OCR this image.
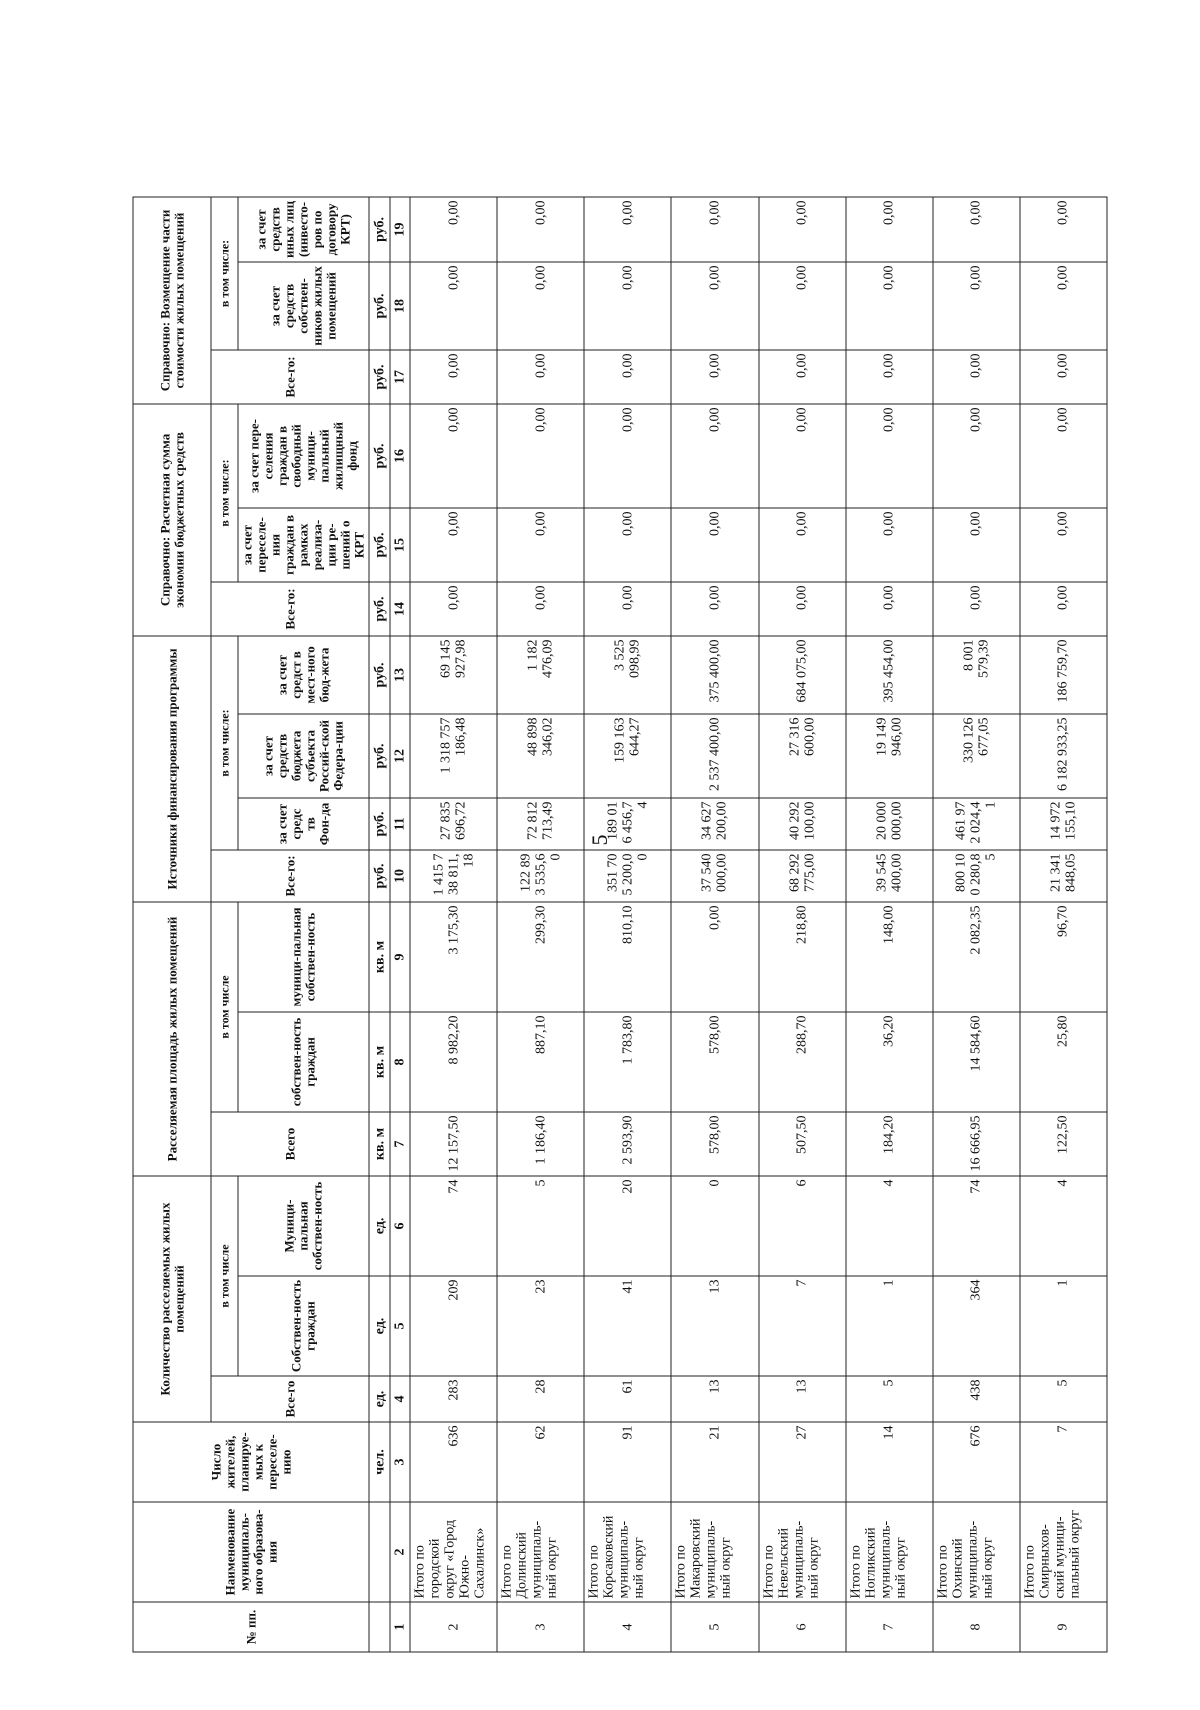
5
№ пп.	Наименование муниципаль-ного образова-ния	Число жителей, планируе-мых к переселе-нию	Количество расселяемых жилых помещений			Расселяемая площадь жилых помещений			Источники финансирования программы				Справочно: Расчетная сумма экономии бюджетных средств			Справочно: Возмещение части стоимости жилых помещений		
			Все-го	в том числе		Всего	в том числе		Все-го:	в том числе:			Все-го:	в том числе:		Все-го:	в том числе:	
				Собствен-ность граждан	Муници-пальная собствен-ность		собствен-ность граждан	муници-пальная собствен-ность		за счет средс тв Фон-да	за счет средств бюджета субъекта Россий-ской Федера-ции	за счет средст в мест-ного бюд-жета		за счет переселе-ния граждан в рамках реализа-ции ре-шений о КРТ	за счет пере-селения граждан в свободный муници-пальный жилищный фонд		за счет средств собствен-ников жилых помещений	за счет средств иных лиц (инвесто-ров по договору КРТ)
		чел.	ед.	ед.	ед.	кв. м	кв. м	кв. м	руб.	руб.	руб.	руб.	руб.	руб.	руб.	руб.	руб.	руб.
1	2	3	4	5	6	7	8	9	10	11	12	13	14	15	16	17	18	19
2	Итого по городской округ «Город Южно-Сахалинск»	636	283	209	74	12 157,50	8 982,20	3 175,30	1 415 738 811,18	27 835 696,72	1 318 757 186,48	69 145 927,98	0,00	0,00	0,00	0,00	0,00	0,00
3	Итого по Долинский муниципаль-ный округ	62	28	23	5	1 186,40	887,10	299,30	122 893 535,60	72 812 713,49	48 898 346,02	1 182 476,09	0,00	0,00	0,00	0,00	0,00	0,00
4	Итого по Корсаковский муниципаль-ный округ	91	61	41	20	2 593,90	1 783,80	810,10	351 705 200,00	189 016 456,74	159 163 644,27	3 525 098,99	0,00	0,00	0,00	0,00	0,00	0,00
5	Итого по Макаровский муниципаль-ный округ	21	13	13	0	578,00	578,00	0,00	37 540 000,00	34 627 200,00	2 537 400,00	375 400,00	0,00	0,00	0,00	0,00	0,00	0,00
6	Итого по Невельский муниципаль-ный округ	27	13	7	6	507,50	288,70	218,80	68 292 775,00	40 292 100,00	27 316 600,00	684 075,00	0,00	0,00	0,00	0,00	0,00	0,00
7	Итого по Ногликский муниципаль-ный округ	14	5	1	4	184,20	36,20	148,00	39 545 400,00	20 000 000,00	19 149 946,00	395 454,00	0,00	0,00	0,00	0,00	0,00	0,00
8	Итого по Охинский муниципаль-ный округ	676	438	364	74	16 666,95	14 584,60	2 082,35	800 100 280,85	461 972 024,41	330 126 677,05	8 001 579,39	0,00	0,00	0,00	0,00	0,00	0,00
9	Итого по Смирныхов-ский муници-пальный округ	7	5	1	4	122,50	25,80	96,70	21 341 848,05	14 972 155,10	6 182 933,25	186 759,70	0,00	0,00	0,00	0,00	0,00	0,00
